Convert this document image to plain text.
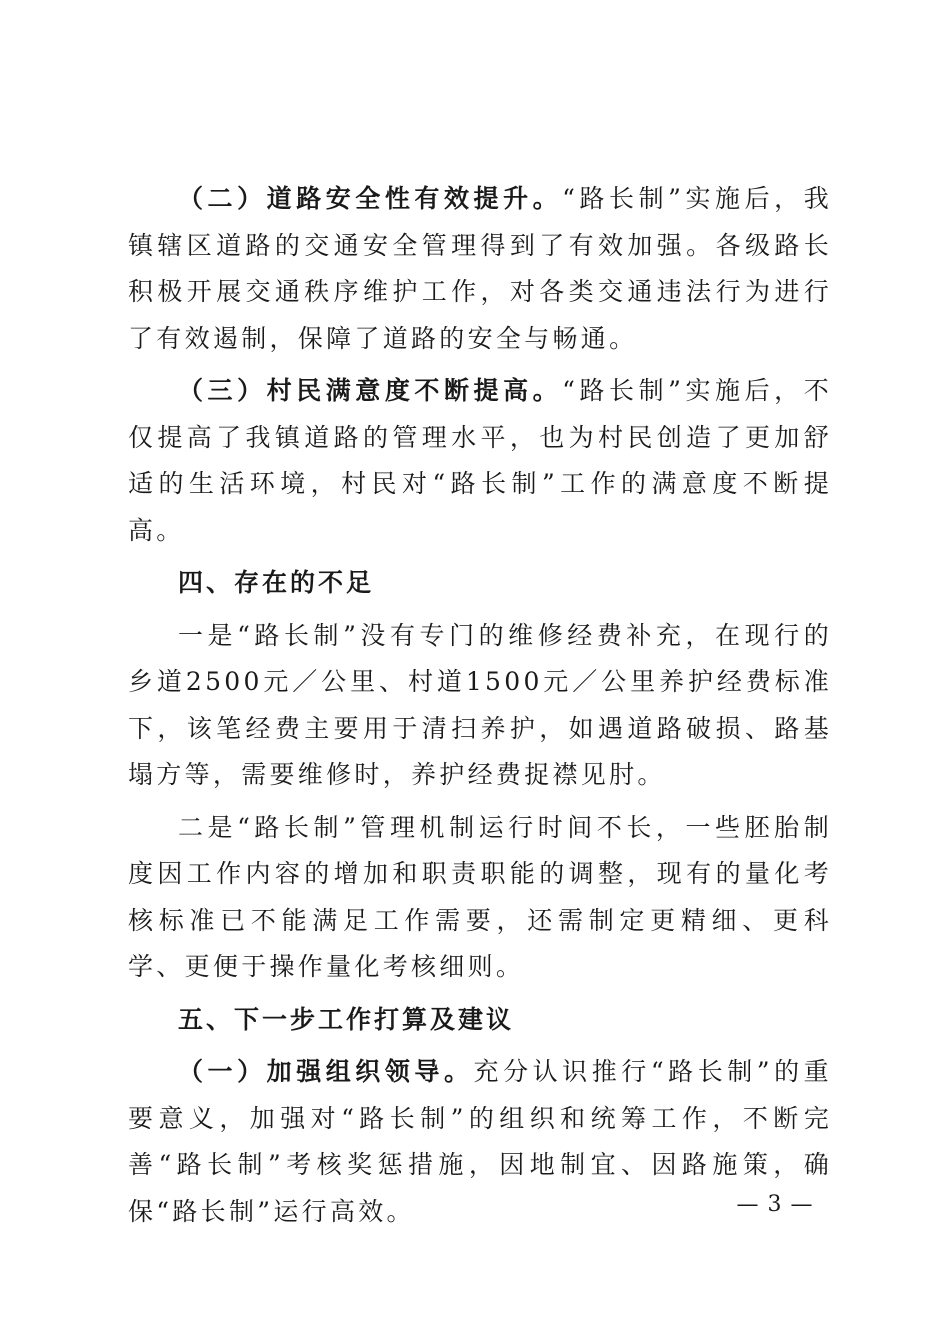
（二）道路安全性有效提升。“路长制”实施后，我镇辖区道路的交通安全管理得到了有效加强。各级路长积极开展交通秩序维护工作，对各类交通违法行为进行了有效遏制，保障了道路的安全与畅通。

（三）村民满意度不断提高。“路长制”实施后，不仅提高了我镇道路的管理水平，也为村民创造了更加舒适的生活环境，村民对“路长制”工作的满意度不断提高。

四、存在的不足

一是“路长制”没有专门的维修经费补充，在现行的乡道2500元／公里、村道1500元／公里养护经费标准下，该笔经费主要用于清扫养护，如遇道路破损、路基塌方等，需要维修时，养护经费捉襟见肘。

二是“路长制”管理机制运行时间不长，一些胚胎制度因工作内容的增加和职责职能的调整，现有的量化考核标准已不能满足工作需要，还需制定更精细、更科学、更便于操作量化考核细则。

五、下一步工作打算及建议

（一）加强组织领导。充分认识推行“路长制”的重要意义，加强对“路长制”的组织和统筹工作，不断完善“路长制”考核奖惩措施，因地制宜、因路施策，确保“路长制”运行高效。	— 3 —
